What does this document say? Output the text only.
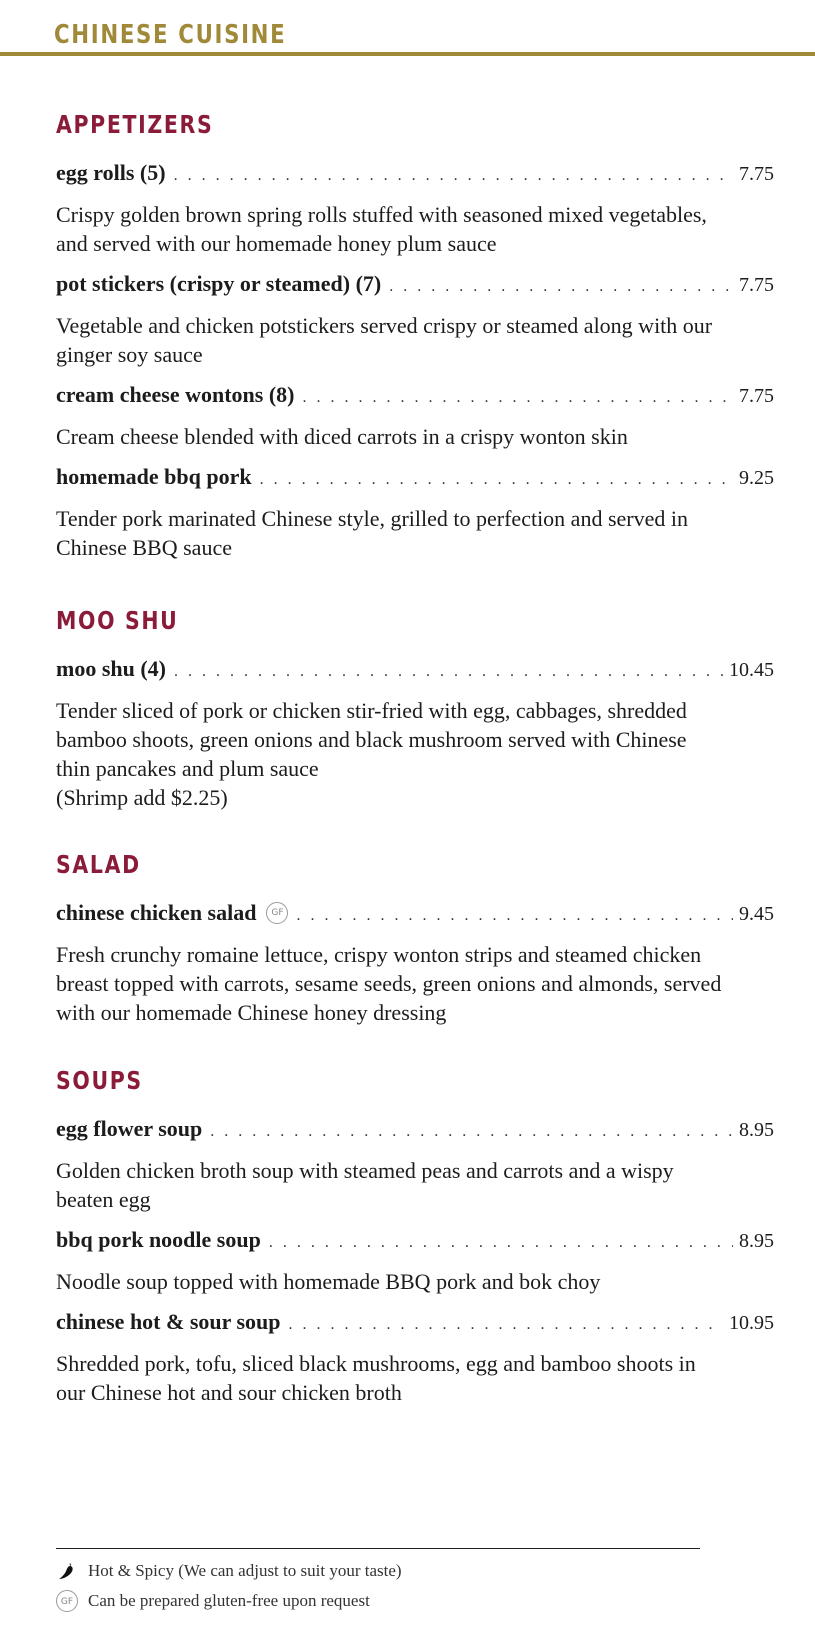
CHINESE CUISINE
APPETIZERS
egg rolls (5) . . .	7.75
Crispy golden brown spring rolls stuffed with seasoned mixed vegetables,
and served with our homemade honey plum sauce
pot stickers (crispy or steamed) (7) . . .	7.75
Vegetable and chicken potstickers served crispy or steamed along with our
ginger soy sauce
cream cheese wontons (8) . . .	7.75
Cream cheese blended with diced carrots in a crispy wonton skin
homemade bbq pork . . .	9.25
Tender pork marinated Chinese style, grilled to perfection and served in
Chinese BBQ sauce
MOO SHU
moo shu (4) . . .	10.45
Tender sliced of pork or chicken stir-fried with egg, cabbages, shredded
bamboo shoots, green onions and black mushroom served with Chinese
thin pancakes and plum sauce
(Shrimp add $2.25)
SALAD
chinese chicken salad GF . . .	9.45
Fresh crunchy romaine lettuce, crispy wonton strips and steamed chicken
breast topped with carrots, sesame seeds, green onions and almonds, served
with our homemade Chinese honey dressing
SOUPS
egg flower soup . . .	8.95
Golden chicken broth soup with steamed peas and carrots and a wispy
beaten egg
bbq pork noodle soup . . .	8.95
Noodle soup topped with homemade BBQ pork and bok choy
chinese hot & sour soup . . .	10.95
Shredded pork, tofu, sliced black mushrooms, egg and bamboo shoots in
our Chinese hot and sour chicken broth
Hot & Spicy (We can adjust to suit your taste)
GF Can be prepared gluten-free upon request
